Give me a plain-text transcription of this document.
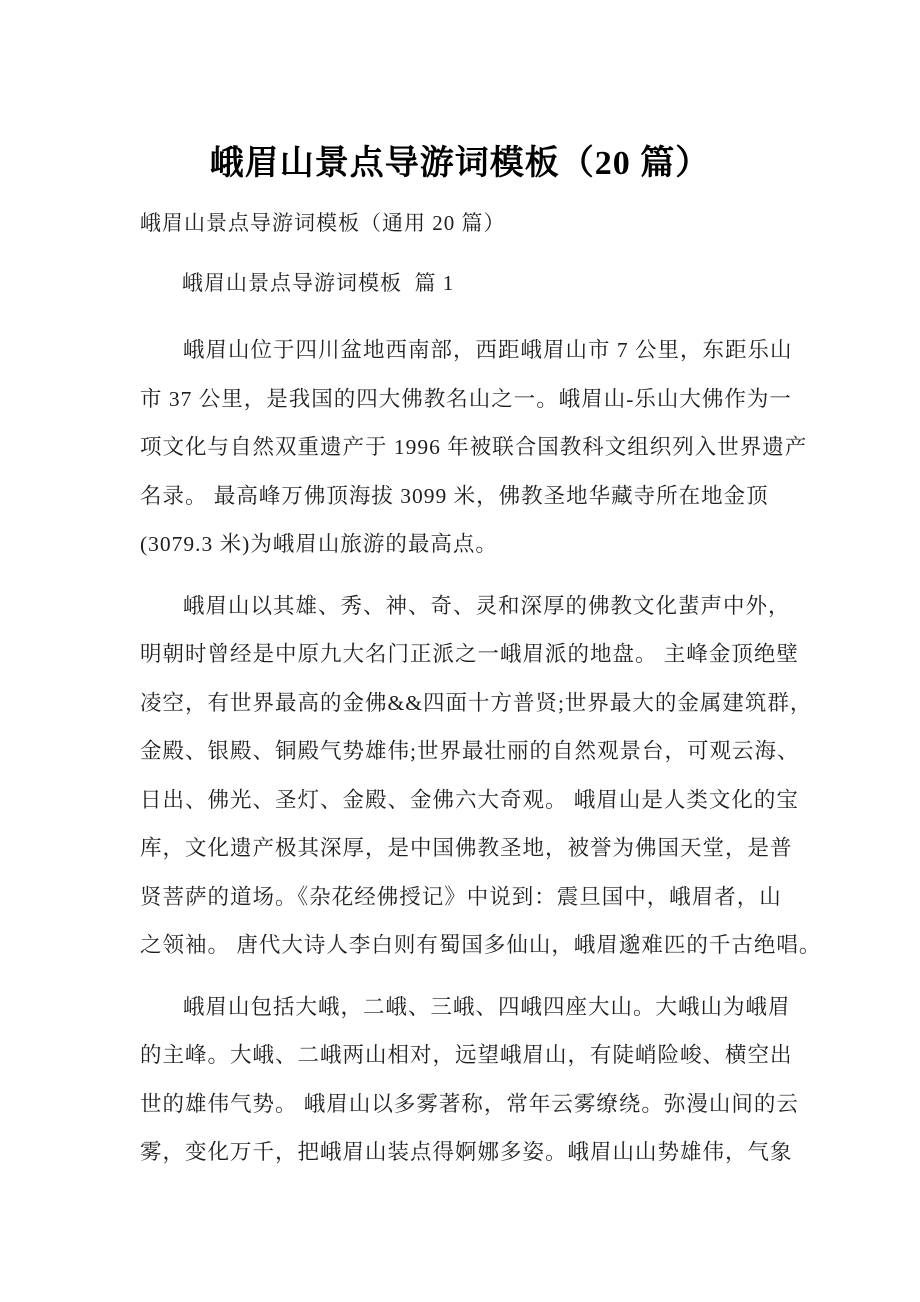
峨眉山景点导游词模板（20 篇）
峨眉山景点导游词模板（通用 20 篇）
峨眉山景点导游词模板  篇 1
峨眉山位于四川盆地西南部，西距峨眉山市 7 公里，东距乐山
市 37 公里，是我国的四大佛教名山之一。峨眉山-乐山大佛作为一
项文化与自然双重遗产于 1996 年被联合国教科文组织列入世界遗产
名录。 最高峰万佛顶海拔 3099 米，佛教圣地华藏寺所在地金顶
(3079.3 米)为峨眉山旅游的最高点。
峨眉山以其雄、秀、神、奇、灵和深厚的佛教文化蜚声中外，
明朝时曾经是中原九大名门正派之一峨眉派的地盘。 主峰金顶绝壁
凌空，有世界最高的金佛&&四面十方普贤;世界最大的金属建筑群，
金殿、银殿、铜殿气势雄伟;世界最壮丽的自然观景台，可观云海、
日出、佛光、圣灯、金殿、金佛六大奇观。 峨眉山是人类文化的宝
库，文化遗产极其深厚，是中国佛教圣地，被誉为佛国天堂，是普
贤菩萨的道场。《杂花经佛授记》中说到：震旦国中，峨眉者，山
之领袖。 唐代大诗人李白则有蜀国多仙山，峨眉邈难匹的千古绝唱。
峨眉山包括大峨，二峨、三峨、四峨四座大山。大峨山为峨眉
的主峰。大峨、二峨两山相对，远望峨眉山，有陡峭险峻、横空出
世的雄伟气势。 峨眉山以多雾著称，常年云雾缭绕。弥漫山间的云
雾，变化万千，把峨眉山装点得婀娜多姿。峨眉山山势雄伟，气象
